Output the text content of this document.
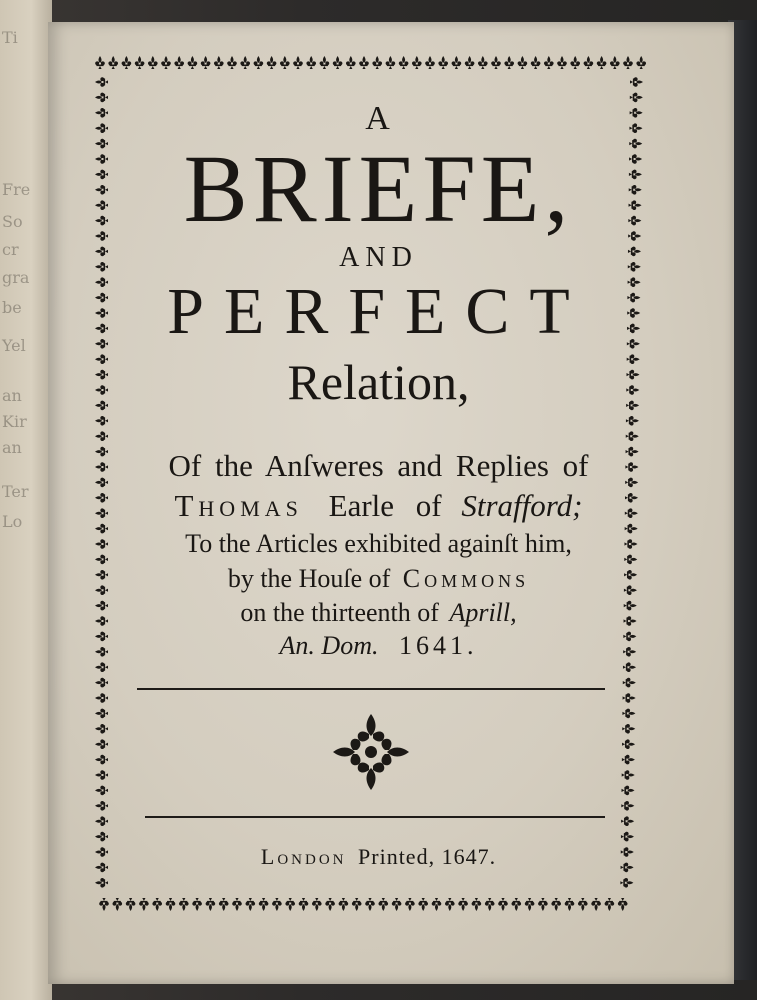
Ti
Fre
So
cr
gra
be
Yel
an
Kir
an
Ter
Lo
A
BRIEFE,
AND
PERFECT
Relation,
Of the Anſweres and Replies of
Thomas Earle of Strafford;
To the Articles exhibited againſt him,
by the Houſe of Commons
on the thirteenth of Aprill,
An. Dom. 1641.
London Printed, 1647.
